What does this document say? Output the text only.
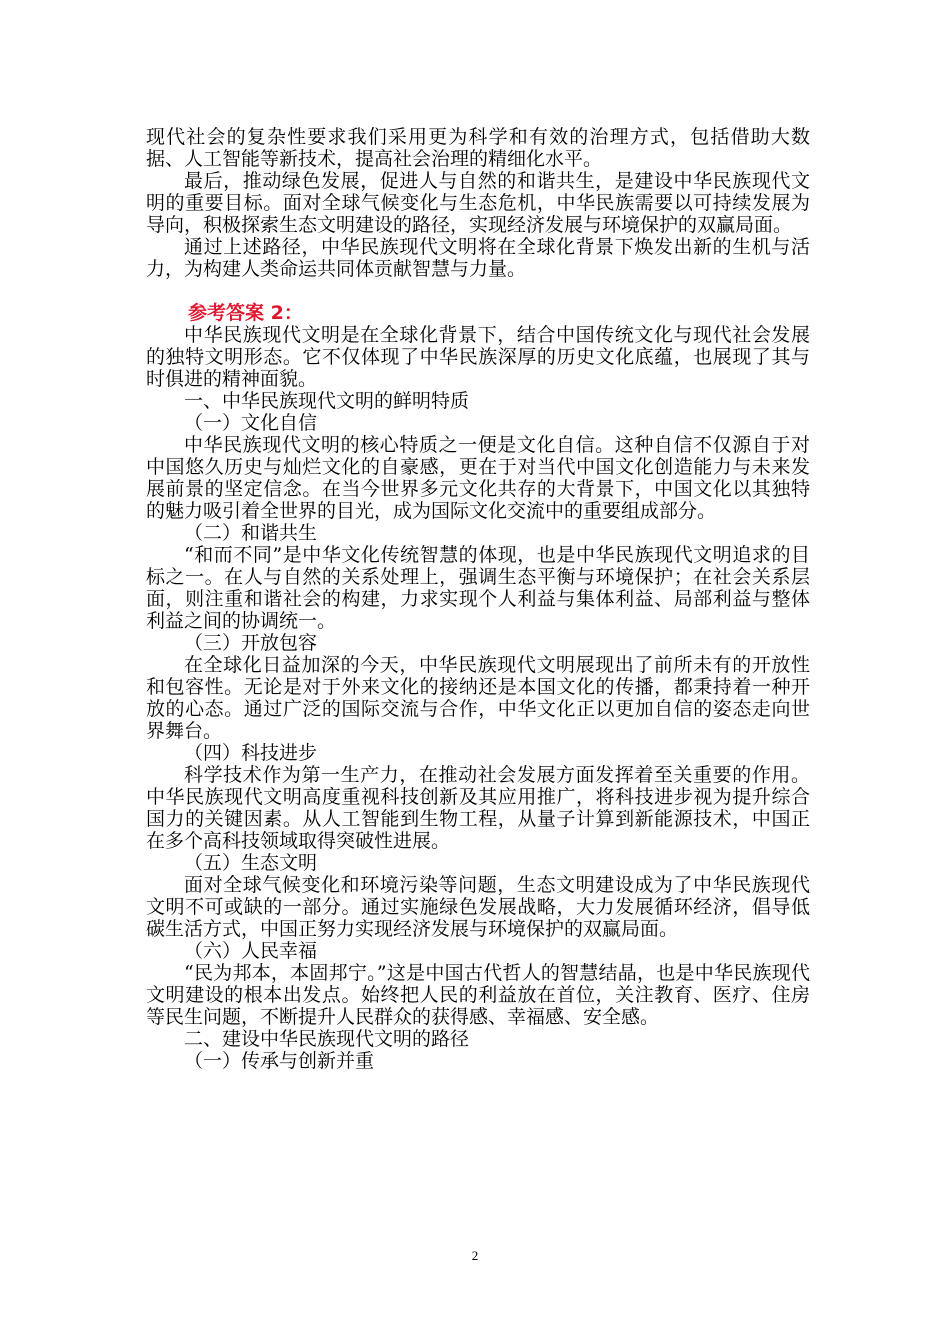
现代社会的复杂性要求我们采用更为科学和有效的治理方式，包括借助大数据、人工智能等新技术，提高社会治理的精细化水平。

最后，推动绿色发展，促进人与自然的和谐共生，是建设中华民族现代文明的重要目标。面对全球气候变化与生态危机，中华民族需要以可持续发展为导向，积极探索生态文明建设的路径，实现经济发展与环境保护的双赢局面。

通过上述路径，中华民族现代文明将在全球化背景下焕发出新的生机与活力，为构建人类命运共同体贡献智慧与力量。

参考答案 2：

中华民族现代文明是在全球化背景下，结合中国传统文化与现代社会发展的独特文明形态。它不仅体现了中华民族深厚的历史文化底蕴，也展现了其与时俱进的精神面貌。

一、中华民族现代文明的鲜明特质

（一）文化自信

中华民族现代文明的核心特质之一便是文化自信。这种自信不仅源自于对中国悠久历史与灿烂文化的自豪感，更在于对当代中国文化创造能力与未来发展前景的坚定信念。在当今世界多元文化共存的大背景下，中国文化以其独特的魅力吸引着全世界的目光，成为国际文化交流中的重要组成部分。

（二）和谐共生

“和而不同”是中华文化传统智慧的体现，也是中华民族现代文明追求的目标之一。在人与自然的关系处理上，强调生态平衡与环境保护；在社会关系层面，则注重和谐社会的构建，力求实现个人利益与集体利益、局部利益与整体利益之间的协调统一。

（三）开放包容

在全球化日益加深的今天，中华民族现代文明展现出了前所未有的开放性和包容性。无论是对于外来文化的接纳还是本国文化的传播，都秉持着一种开放的心态。通过广泛的国际交流与合作，中华文化正以更加自信的姿态走向世界舞台。

（四）科技进步

科学技术作为第一生产力，在推动社会发展方面发挥着至关重要的作用。中华民族现代文明高度重视科技创新及其应用推广，将科技进步视为提升综合国力的关键因素。从人工智能到生物工程，从量子计算到新能源技术，中国正在多个高科技领域取得突破性进展。

（五）生态文明

面对全球气候变化和环境污染等问题，生态文明建设成为了中华民族现代文明不可或缺的一部分。通过实施绿色发展战略，大力发展循环经济，倡导低碳生活方式，中国正努力实现经济发展与环境保护的双赢局面。

（六）人民幸福

“民为邦本，本固邦宁。”这是中国古代哲人的智慧结晶，也是中华民族现代文明建设的根本出发点。始终把人民的利益放在首位，关注教育、医疗、住房等民生问题，不断提升人民群众的获得感、幸福感、安全感。

二、建设中华民族现代文明的路径

（一）传承与创新并重

2
